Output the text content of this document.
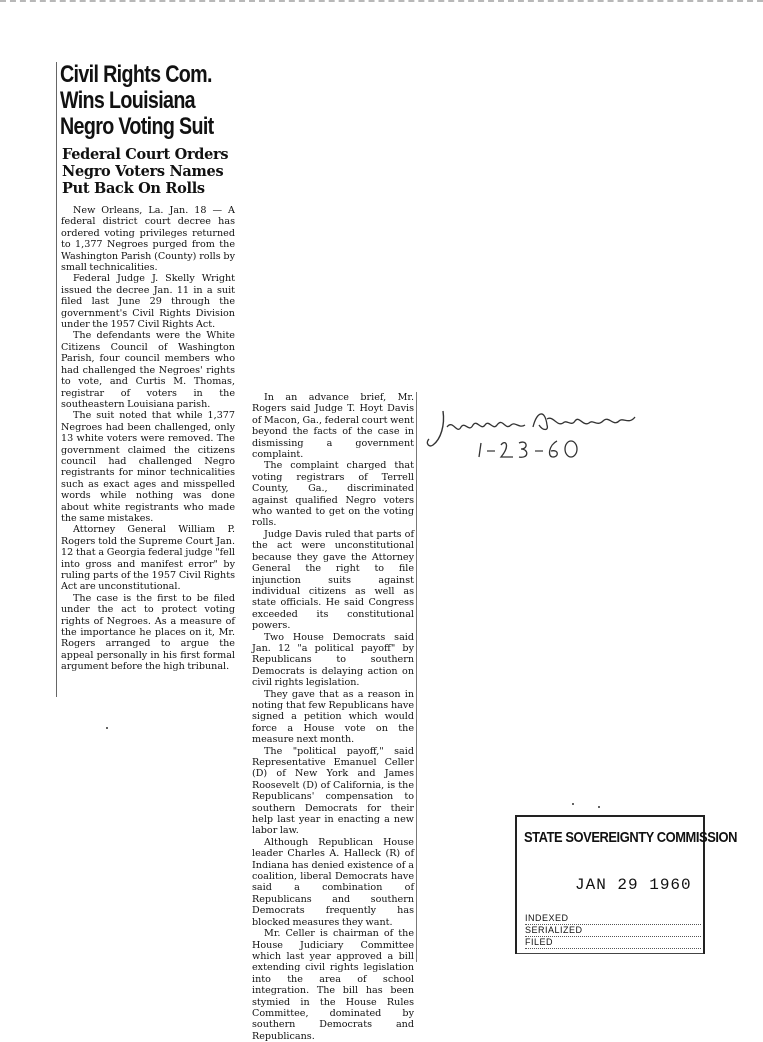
Civil Rights Com.
Wins Louisiana
Negro Voting Suit
Federal Court Orders
Negro Voters Names
Put Back On Rolls

New Orleans, La. Jan. 18 — A federal district court decree has ordered voting privileges returned to 1,377 Negroes purged from the Washington Parish (County) rolls by small technicalities.

Federal Judge J. Skelly Wright issued the decree Jan. 11 in a suit filed last June 29 through the government's Civil Rights Division under the 1957 Civil Rights Act.

The defendants were the White Citizens Council of Washington Parish, four council members who had challenged the Negroes' rights to vote, and Curtis M. Thomas, registrar of voters in the southeastern Louisiana parish.

The suit noted that while 1,377 Negroes had been challenged, only 13 white voters were removed. The government claimed the citizens council had challenged Negro registrants for minor technicalities such as exact ages and misspelled words while nothing was done about white registrants who made the same mistakes.

Attorney General William P. Rogers told the Supreme Court Jan. 12 that a Georgia federal judge "fell into gross and manifest error" by ruling parts of the 1957 Civil Rights Act are unconstitutional.

The case is the first to be filed under the act to protect voting rights of Negroes. As a measure of the importance he places on it, Mr. Rogers arranged to argue the appeal personally in his first formal argument before the high tribunal.

In an advance brief, Mr. Rogers said Judge T. Hoyt Davis of Macon, Ga., federal court went beyond the facts of the case in dismissing a government complaint.

The complaint charged that voting registrars of Terrell County, Ga., discriminated against qualified Negro voters who wanted to get on the voting rolls.

Judge Davis ruled that parts of the act were unconstitutional because they gave the Attorney General the right to file injunction suits against individual citizens as well as state officials. He said Congress exceeded its constitutional powers.

Two House Democrats said Jan. 12 "a political payoff" by Republicans to southern Democrats is delaying action on civil rights legislation.

They gave that as a reason in noting that few Republicans have signed a petition which would force a House vote on the measure next month.

The "political payoff," said Representative Emanuel Celler (D) of New York and James Roosevelt (D) of California, is the Republicans' compensation to southern Democrats for their help last year in enacting a new labor law.

Although Republican House leader Charles A. Halleck (R) of Indiana has denied existence of a coalition, liberal Democrats have said a combination of Republicans and southern Democrats frequently has blocked measures they want.

Mr. Celler is chairman of the House Judiciary Committee which last year approved a bill extending civil rights legislation into the area of school integration. The bill has been stymied in the House Rules Committee, dominated by southern Democrats and Republicans.

STATE SOVEREIGNTY COMMISSION
JAN 29 1960
INDEXED
SERIALIZED
FILED
